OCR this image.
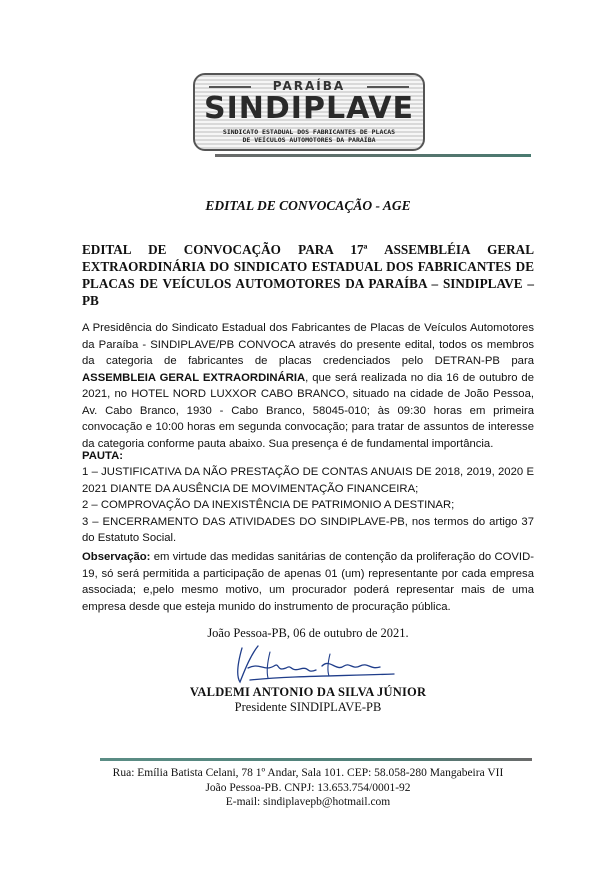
PARAÍBA
SINDIPLAVE
SINDICATO ESTADUAL DOS FABRICANTES DE PLACAS
DE VEÍCULOS AUTOMOTORES DA PARAÍBA
EDITAL DE CONVOCAÇÃO - AGE
EDITAL DE CONVOCAÇÃO PARA 17ª ASSEMBLÉIA GERAL
EXTRAORDINÁRIA DO SINDICATO ESTADUAL DOS FABRICANTES DE
PLACAS DE VEÍCULOS AUTOMOTORES DA PARAÍBA – SINDIPLAVE –PB
A Presidência do Sindicato Estadual dos Fabricantes de Placas de Veículos Automotores da Paraíba - SINDIPLAVE/PB CONVOCA através do presente edital, todos os membros da categoria de fabricantes de placas credenciados pelo DETRAN-PB para ASSEMBLEIA GERAL EXTRAORDINÁRIA, que será realizada no dia 16 de outubro de 2021, no HOTEL NORD LUXXOR CABO BRANCO, situado na cidade de João Pessoa, Av. Cabo Branco, 1930 - Cabo Branco, 58045-010; às 09:30 horas em primeira convocação e 10:00 horas em segunda convocação; para tratar de assuntos de interesse da categoria conforme pauta abaixo. Sua presença é de fundamental importância.
PAUTA:

1 – JUSTIFICATIVA DA NÃO PRESTAÇÃO DE CONTAS ANUAIS DE 2018, 2019, 2020 E 2021 DIANTE DA AUSÊNCIA DE MOVIMENTAÇÃO FINANCEIRA;

2 – COMPROVAÇÃO DA INEXISTÊNCIA DE PATRIMONIO A DESTINAR;

3 – ENCERRAMENTO DAS ATIVIDADES DO SINDIPLAVE-PB, nos termos do artigo 37 do Estatuto Social.

Observação: em virtude das medidas sanitárias de contenção da proliferação do COVID-19, só será permitida a participação de apenas 01 (um) representante por cada empresa associada; e,pelo mesmo motivo, um procurador poderá representar mais de uma empresa desde que esteja munido do instrumento de procuração pública.
João Pessoa-PB, 06 de outubro de 2021.
VALDEMI ANTONIO DA SILVA JÚNIOR
Presidente SINDIPLAVE-PB
Rua: Emília Batista Celani, 78 1º Andar, Sala 101. CEP: 58.058-280 Mangabeira VII
João Pessoa-PB. CNPJ: 13.653.754/0001-92
E-mail: sindiplavepb@hotmail.com
